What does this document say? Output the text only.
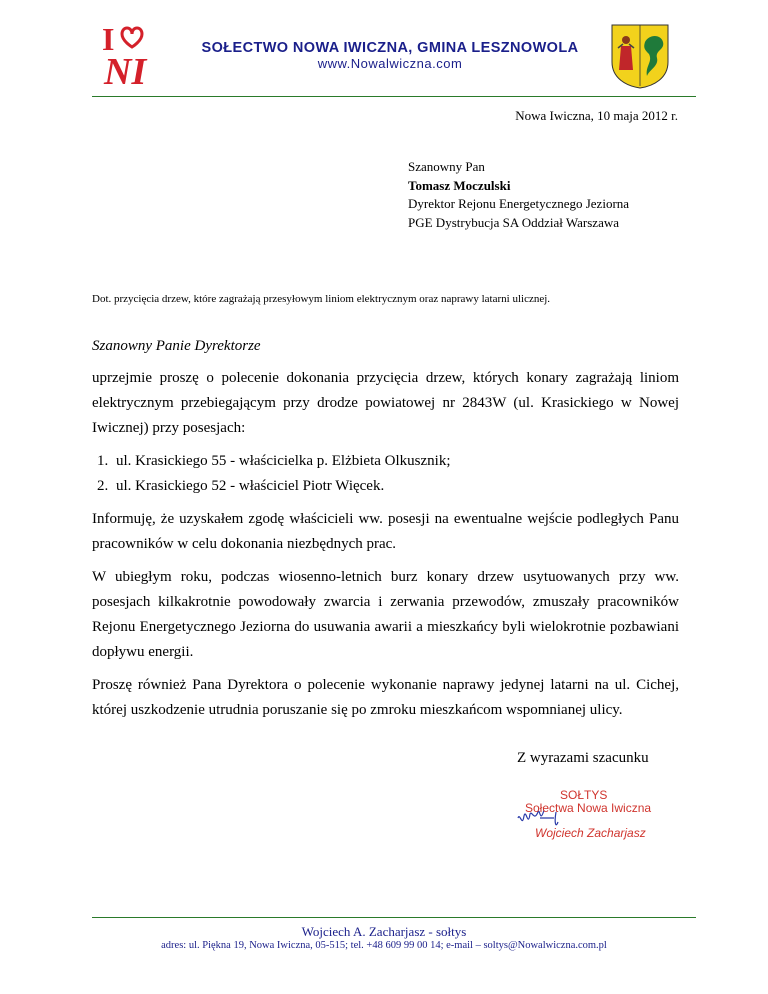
I
NI
SOŁECTWO NOWA IWICZNA, GMINA LESZNOWOLA
www.Nowalwiczna.com
Nowa Iwiczna, 10 maja 2012 r.
Szanowny Pan
Tomasz Moczulski
Dyrektor Rejonu Energetycznego Jeziorna
PGE Dystrybucja SA Oddział Warszawa
Dot. przycięcia drzew, które zagrażają przesyłowym liniom elektrycznym oraz naprawy latarni ulicznej.
Szanowny Panie Dyrektorze

uprzejmie proszę o polecenie dokonania przycięcia drzew, których konary zagrażają liniom elektrycznym przebiegającym przy drodze powiatowej nr 2843W (ul. Krasickiego w Nowej Iwicznej) przy posesjach:

1. ul. Krasickiego 55 - właścicielka p. Elżbieta Olkusznik;
2. ul. Krasickiego 52 - właściciel Piotr Więcek.

Informuję, że uzyskałem zgodę właścicieli ww. posesji na ewentualne wejście podległych Panu pracowników w celu dokonania niezbędnych prac.

W ubiegłym roku, podczas wiosenno-letnich burz konary drzew usytuowanych przy ww. posesjach kilkakrotnie powodowały zwarcia i zerwania przewodów, zmuszały pracowników Rejonu Energetycznego Jeziorna do usuwania awarii a mieszkańcy byli wielokrotnie pozbawiani dopływu energii.

Proszę również Pana Dyrektora o polecenie wykonanie naprawy jedynej latarni na ul. Cichej, której uszkodzenie utrudnia poruszanie się po zmroku mieszkańcom wspomnianej ulicy.

Z wyrazami szacunku
SOŁTYS
Sołectwa Nowa Iwiczna
Wojciech Zacharjasz
Wojciech A. Zacharjasz - sołtys
adres: ul. Piękna 19, Nowa Iwiczna, 05-515; tel. +48 609 99 00 14; e-mail – soltys@Nowalwiczna.com.pl
